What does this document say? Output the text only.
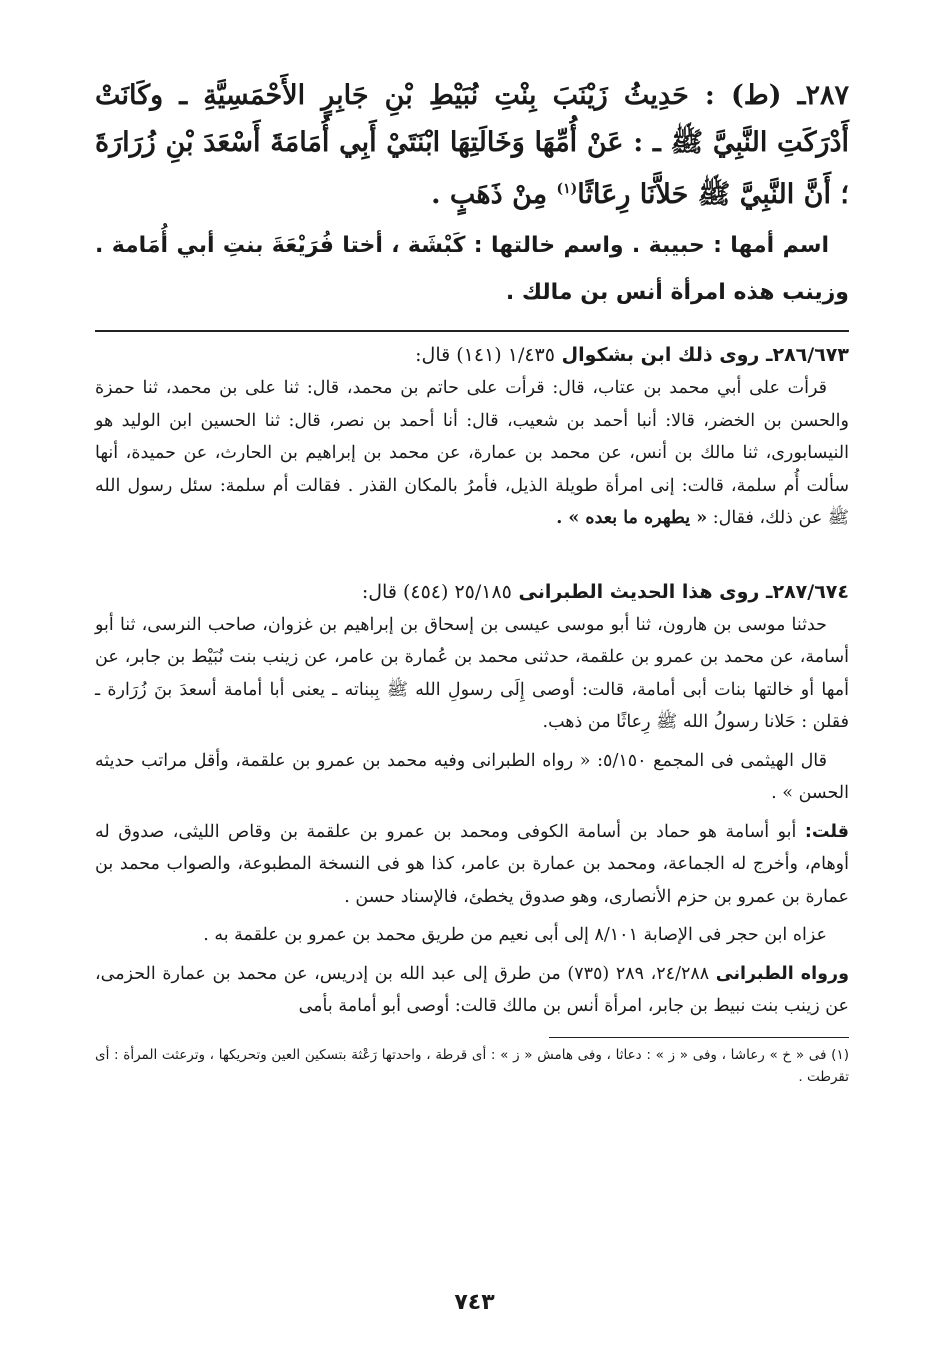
٢٨٧ـ (ط) : حَدِيثُ زَيْنَبَ بِنْتِ نُبَيْطِ بْنِ جَابِرٍ الأَحْمَسِيَّةِ ـ وكَانَتْ أَدْرَكَتِ النَّبِيَّ ﷺ ـ : عَنْ أُمِّهَا وَخَالَتِهَا ابْنَتَيْ أَبِي أُمَامَةَ أَسْعَدَ بْنِ زُرَارَةَ ؛ أَنَّ النَّبِيَّ ﷺ حَلاَّنَا رِعَاثًا$^{(١)}$ مِنْ ذَهَبٍ .

اسم أمها : حبيبة . واسم خالتها : كَبْشَة ، أختا فُرَيْعَةَ بنتِ أبي أُمَامة . وزينب هذه امرأة أنس بن مالك .

٢٨٦/٦٧٣ـ روى ذلك ابن بشكوال ١/٤٣٥ (١٤١) قال:

قرأت على أبي محمد بن عتاب، قال: قرأت على حاتم بن محمد، قال: ثنا على بن محمد، ثنا حمزة والحسن بن الخضر، قالا: أنبا أحمد بن شعيب، قال: أنا أحمد بن نصر، قال: ثنا الحسين ابن الوليد هو النيسابورى، ثنا مالك بن أنس، عن محمد بن عمارة، عن محمد بن إبراهيم بن الحارث، عن حميدة، أنها سألت أُم سلمة، قالت: إنى امرأة طويلة الذيل، فأمرُ بالمكان القذر . فقالت أم سلمة: سئل رسول الله ﷺ عن ذلك، فقال: « يطهره ما بعده » .

٢٨٧/٦٧٤ـ روى هذا الحديث الطبرانى ٢٥/١٨٥ (٤٥٤) قال:

حدثنا موسى بن هارون، ثنا أبو موسى عيسى بن إسحاق بن إبراهيم بن غزوان، صاحب النرسى، ثنا أبو أسامة، عن محمد بن عمرو بن علقمة، حدثنى محمد بن عُمارة بن عامر، عن زينب بنت نُبَيْط بن جابر، عن أمها أو خالتها بنات أبى أمامة، قالت: أوصى إِلَى رسولِ الله ﷺ بِبناته ـ يعنى أبا أمامة أسعدَ بنَ زُرَارة ـ فقلن : حَلانا رسولُ الله ﷺ رِعاثًا من ذهب.

قال الهيثمى فى المجمع ٥/١٥٠: « رواه الطبرانى وفيه محمد بن عمرو بن علقمة، وأقل مراتب حديثه الحسن » .

قلت: أبو أسامة هو حماد بن أسامة الكوفى ومحمد بن عمرو بن علقمة بن وقاص الليثى، صدوق له أوهام، وأخرج له الجماعة، ومحمد بن عمارة بن عامر، كذا هو فى النسخة المطبوعة، والصواب محمد بن عمارة بن عمرو بن حزم الأنصارى، وهو صدوق يخطئ، فالإسناد حسن .

عزاه ابن حجر فى الإصابة ٨/١٠١ إلى أبى نعيم من طريق محمد بن عمرو بن علقمة به .

ورواه الطبرانى ٢٤/٢٨٨، ٢٨٩ (٧٣٥) من طرق إلى عبد الله بن إدريس، عن محمد بن عمارة الحزمى، عن زينب بنت نبيط بن جابر، امرأة أنس بن مالك قالت: أوصى أبو أمامة بأمى

(١) فى « خ » رعاشا ، وفى « ز » : دعاثا ، وفى هامش « ز » : أى قرطة ، واحدتها رَعْثة بتسكين العين وتحريكها ، وترعثت المرأة : أى تقرطت .

٧٤٣
